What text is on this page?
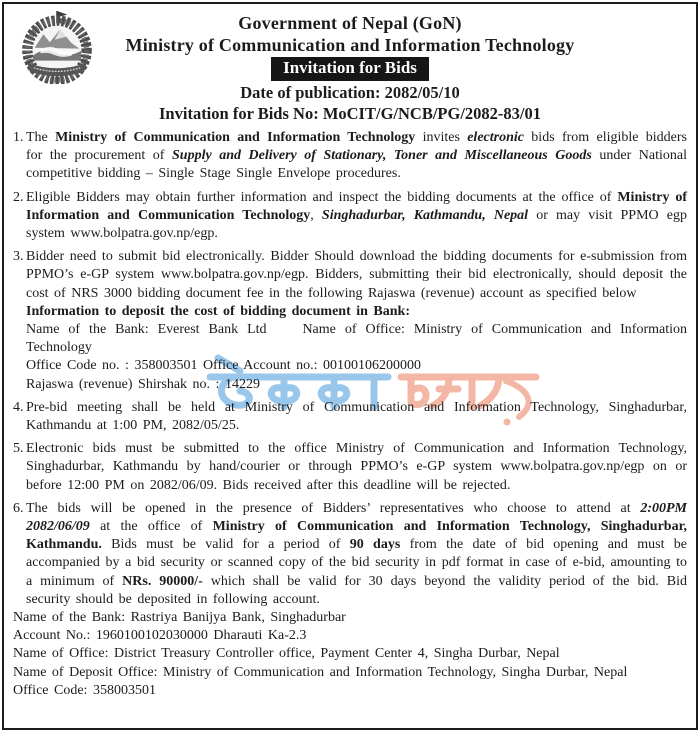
Government of Nepal (GoN)
Ministry of Communication and Information Technology
Invitation for Bids
Date of publication: 2082/05/10
Invitation for Bids No: MoCIT/G/NCB/PG/2082-83/01
1. The Ministry of Communication and Information Technology invites electronic bids from eligible bidders for the procurement of Supply and Delivery of Stationary, Toner and Miscellaneous Goods under National competitive bidding – Single Stage Single Envelope procedures.
2. Eligible Bidders may obtain further information and inspect the bidding documents at the office of Ministry of Information and Communication Technology, Singhadurbar, Kathmandu, Nepal or may visit PPMO egp system www.bolpatra.gov.np/egp.
3. Bidder need to submit bid electronically. Bidder Should download the bidding documents for e-submission from PPMO’s e-GP system www.bolpatra.gov.np/egp. Bidders, submitting their bid electronically, should deposit the cost of NRS 3000 bidding document fee in the following Rajaswa (revenue) account as specified below
Information to deposit the cost of bidding document in Bank:
Name of the Bank: Everest Bank Ltd    Name of Office: Ministry of Communication and Information Technology
Office Code no. : 358003501 Office Account no.: 00100106200000
Rajaswa (revenue) Shirshak no. : 14229
4. Pre-bid meeting shall be held at Ministry of Communication and Information Technology, Singhadurbar, Kathmandu at 1:00 PM, 2082/05/25.
5. Electronic bids must be submitted to the office Ministry of Communication and Information Technology, Singhadurbar, Kathmandu by hand/courier or through PPMO’s e-GP system www.bolpatra.gov.np/egp on or before 12:00 PM on 2082/06/09. Bids received after this deadline will be rejected.
6. The bids will be opened in the presence of Bidders’ representatives who choose to attend at 2:00PM 2082/06/09 at the office of Ministry of Communication and Information Technology, Singhadurbar, Kathmandu. Bids must be valid for a period of 90 days from the date of bid opening and must be accompanied by a bid security or scanned copy of the bid security in pdf format in case of e-bid, amounting to a minimum of NRs. 90000/- which shall be valid for 30 days beyond the validity period of the bid. Bid security should be deposited in following account.
Name of the Bank: Rastriya Banijya Bank, Singhadurbar
Account No.: 1960100102030000 Dharauti Ka-2.3
Name of Office: District Treasury Controller office, Payment Center 4, Singha Durbar, Nepal
Name of Deposit Office: Ministry of Communication and Information Technology, Singha Durbar, Nepal
Office Code: 358003501
